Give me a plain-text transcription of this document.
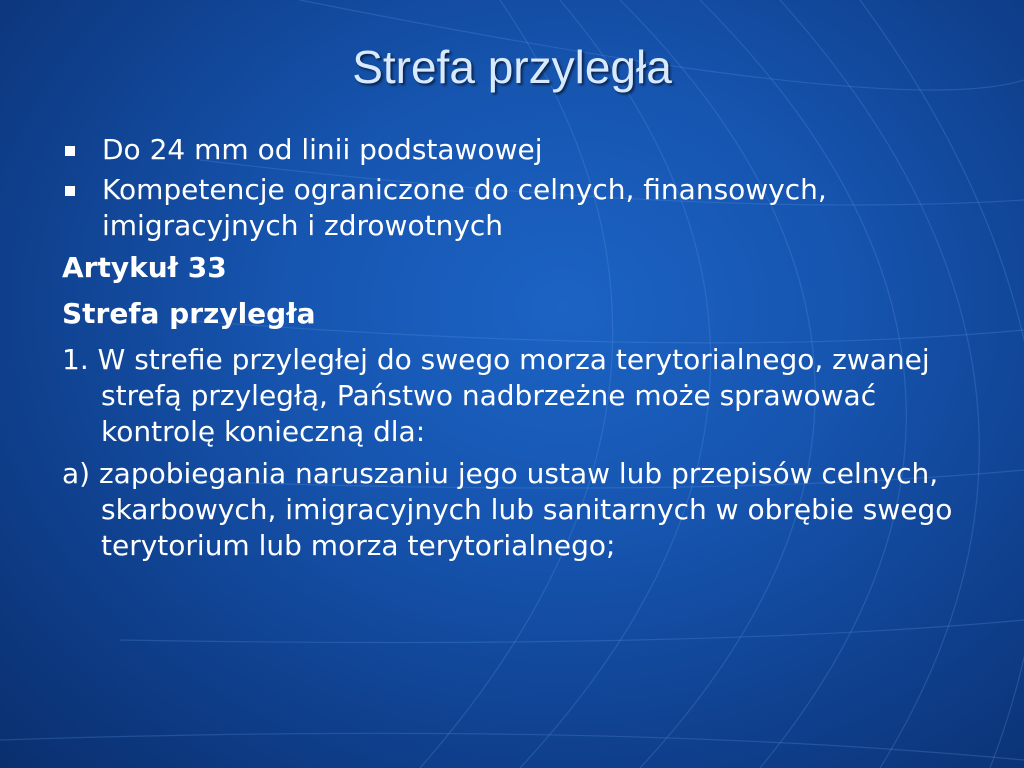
Strefa przyległa
Do 24 mm od linii podstawowej
Kompetencje ograniczone do celnych, finansowych, imigracyjnych i zdrowotnych
Artykuł 33
Strefa przyległa
1. W strefie przyległej do swego morza terytorialnego, zwanej strefą przyległą, Państwo nadbrzeżne może sprawować kontrolę konieczną dla:
a) zapobiegania naruszaniu jego ustaw lub przepisów celnych, skarbowych, imigracyjnych lub sanitarnych w obrębie swego terytorium lub morza terytorialnego;
